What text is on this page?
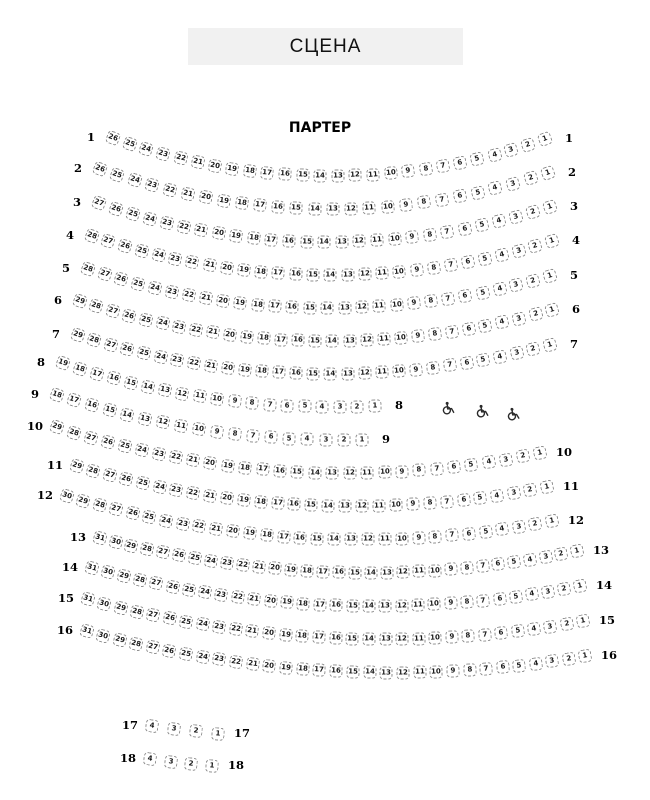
СЦЕНА
ПАРТЕР
26
25 24 23 22 21 20 19 18 17 16 15 14 13 12 11 10 9 8 7 6 5 4
3
2
1
1	1
26
25
24 23 22 21 20 19 18 17 16 15 14 13 12 11 10 9 8 7 6 5 4
3
2
1
2	2
27
26 25 24 23 22 21 20 19 18 17 16 15 14 13 12 11 10 9 8 7 6 5 4 3
2
1
3	3
28
27 26 25 24 23 22 21 20 19 18 17 16 15 14 13 12 11 10 9 8 7 6 5 4 3
2
1
4	4
28 27 26 25 24 23 22 21 20 19 18 17 16 15 14 13 12 11 10 9 8 7 6 5 4 3 2
1
5	5
29 28 27 26 25 24 23 22 21 20 19 18 17 16 15 14 13 12 11 10 9 8 7 6 5 4 3 2
1
6
6
29 28 27 26 25 24 23 22 21 20 19 18 17 16 15 14 13 12 11 10 9 8 7 6 5 4 3 2 1
7
7
19 18 17 16 15 14 13 12 11 10 9 8 7 6 5 4 3 2 1
8
8
18
17 16 15 14 13 12 11 10 9 8 7 6 5 4 3 2 1
9
9
29 28 27 26 25 24 23 22 21 20 19 18 17 16 15 14 13 12 11 10 9 8 7 6 5 4 3 2 1
10
10
29 28 27 26 25 24 23 22 21 20 19 18 17 16 15 14 13 12 11 10 9 8 7 6 5 4 3 2 1
11
11
30 29 28 27 26 25 24 23 22 21 20 19 18 17 16 15 14 13 12 11 10 9 8 7 6 5 4 3 2 1
12
12
31 30 29 28 27 26 25 24 23 22 21 20 19 18 17 16 15 14 13 12 11 10 9 8 7 6 5 4 3 2 1
13
13
31 30 29 28 27 26 25 24 23 22 21 20 19 18 17 16 15 14 13 12 11 10 9 8 7 6 5 4 3 2 1
14
14
31 30 29 28 27 26 25 24 23 22 21 20 19 18 17 16 15 14 13 12 11 10 9 8 7 6 5 4 3 2 1
15
15
31 30 29 28 27 26 25 24 23 22 21 20 19 18 17 16 15 14 13 12 11 10 9 8 7 6 5 4 3 2 1
16
16
4 3 2 1
17
17
4 3 2 1
18
18
